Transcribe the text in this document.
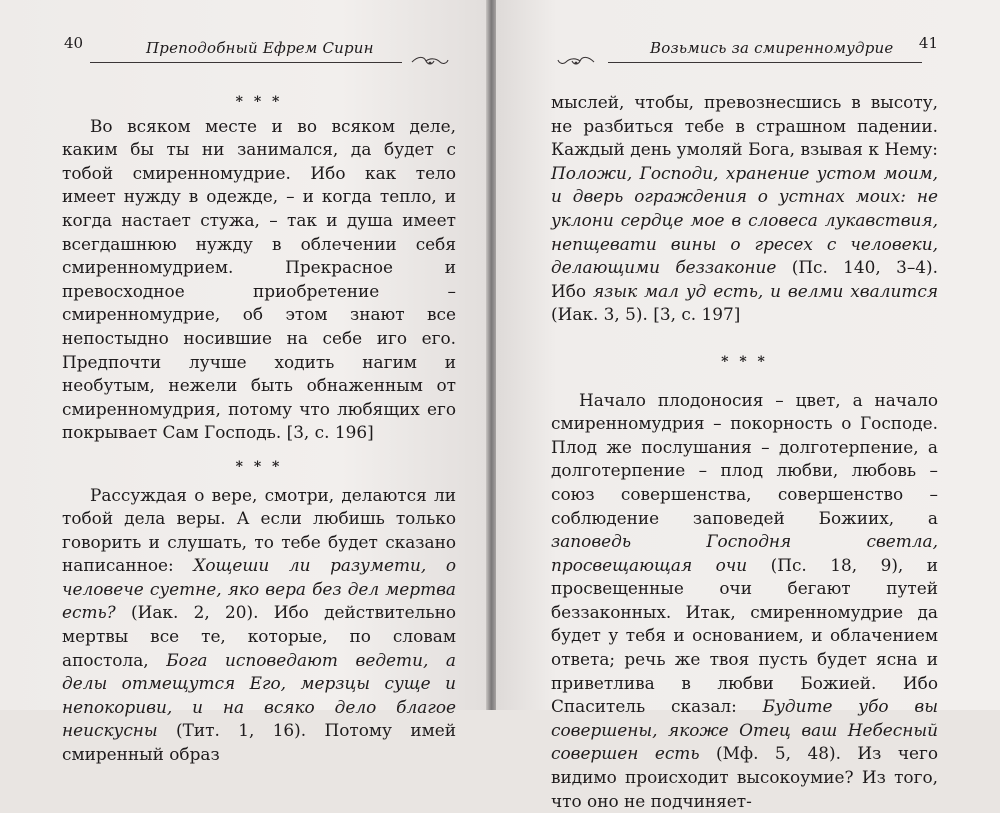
40	Преподобный Ефрем Сирин
* * *

Во всяком месте и во всяком деле, каким бы ты ни занимался, да будет с тобой смиренномудрие. Ибо как тело имеет нужду в одежде, – и когда тепло, и когда настает стужа, – так и душа имеет всегдашнюю нужду в облечении себя смиренномудрием. Прекрасное и превосходное приобретение – смиренномудрие, об этом знают все непостыдно носившие на себе иго его. Предпочти лучше ходить нагим и необутым, нежели быть обнаженным от смиренномудрия, потому что любящих его покрывает Сам Господь. [3, с. 196]

* * *

Рассуждая о вере, смотри, делаются ли тобой дела веры. А если любишь только говорить и слушать, то тебе будет сказано написанное: Хощеши ли разумети, о человече суетне, яко вера без дел мертва есть? (Иак. 2, 20). Ибо действительно мертвы все те, которые, по словам апостола, Бога исповедают ведети, а делы отмещутся Его, мерзцы суще и непокориви, и на всяко дело благое неискусны (Тит. 1, 16). Потому имей смиренный образ

41
Возьмись за смиренномудрие

мыслей, чтобы, превознесшись в высоту, не разбиться тебе в страшном падении. Каждый день умоляй Бога, взывая к Нему: Положи, Господи, хранение устом моим, и дверь ограждения о устнах моих: не уклони сердце мое в словеса лукавствия, непщевати вины о гресех с человеки, делающими беззаконие (Пс. 140, 3–4). Ибо язык мал уд есть, и велми хвалится (Иак. 3, 5). [3, с. 197]

* * *

Начало плодоносия – цвет, а начало смиренномудрия – покорность о Господе. Плод же послушания – долготерпение, а долготерпение – плод любви, любовь – союз совершенства, совершенство – соблюдение заповедей Божиих, а заповедь Господня светла, просвещающая очи (Пс. 18, 9), и просвещенные очи бегают путей беззаконных. Итак, смиренномудрие да будет у тебя и основанием, и облачением ответа; речь же твоя пусть будет ясна и приветлива в любви Божией. Ибо Спаситель сказал: Будите убо вы совершены, якоже Отец ваш Небесный совершен есть (Мф. 5, 48). Из чего видимо происходит высокоумие? Из того, что оно не подчиняет-
